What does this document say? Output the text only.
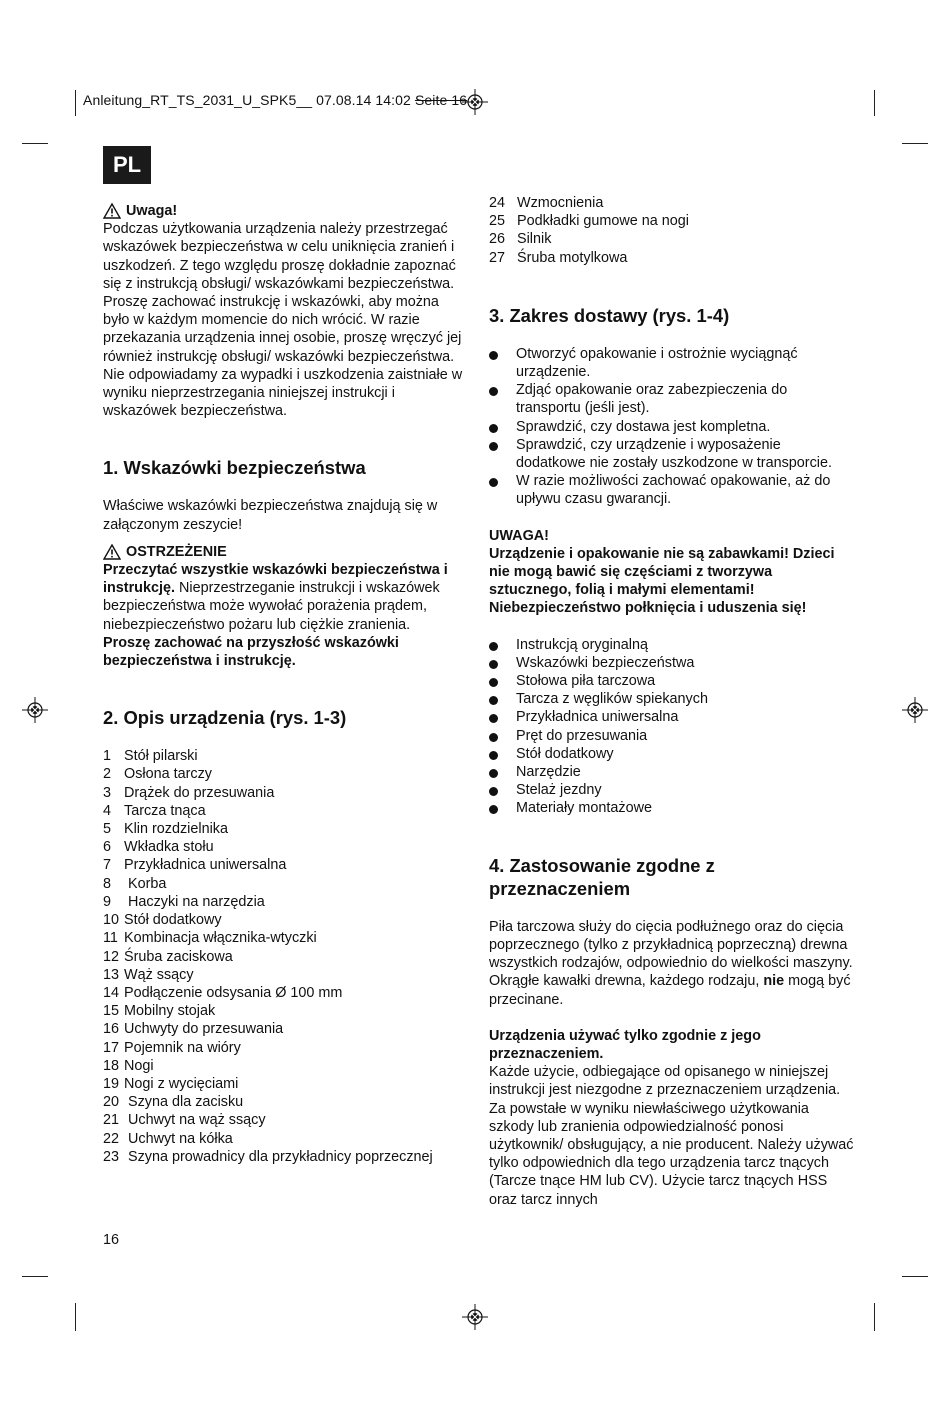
Anleitung_RT_TS_2031_U_SPK5__ 07.08.14 14:02 Seite 16
PL
Uwaga!

Podczas użytkowania urządzenia należy przestrzegać wskazówek bezpieczeństwa w celu uniknięcia zranień i uszkodzeń. Z tego względu proszę dokładnie zapoznać się z instrukcją obsługi/ wskazówkami bezpieczeństwa. Proszę zachować instrukcję i wskazówki, aby można było w każdym momencie do nich wrócić. W razie przekazania urządzenia innej osobie, proszę wręczyć jej również instrukcję obsługi/ wskazówki bezpieczeństwa. Nie odpowiadamy za wypadki i uszkodzenia zaistniałe w wyniku nieprzestrzegania niniejszej instrukcji i wskazówek bezpieczeństwa.

1. Wskazówki bezpieczeństwa

Właściwe wskazówki bezpieczeństwa znajdują się w załączonym zeszycie!

OSTRZEŻENIE

Przeczytać wszystkie wskazówki bezpieczeństwa i instrukcję. Nieprzestrzeganie instrukcji i wskazówek bezpieczeństwa może wywołać porażenia prądem, niebezpieczeństwo pożaru lub ciężkie zranienia.

Proszę zachować na przyszłość wskazówki bezpieczeństwa i instrukcję.

2. Opis urządzenia (rys. 1-3)
1 Stół pilarski
2 Osłona tarczy
3 Drążek do przesuwania
4 Tarcza tnąca
5 Klin rozdzielnika
6 Wkładka stołu
7 Przykładnica uniwersalna
8 Korba
9 Haczyki na narzędzia
10 Stół dodatkowy
11 Kombinacja włącznika-wtyczki
12 Śruba zaciskowa
13 Wąż ssący
14 Podłączenie odsysania Ø 100 mm
15 Mobilny stojak
16 Uchwyty do przesuwania
17 Pojemnik na wióry
18 Nogi
19 Nogi z wycięciami
20 Szyna dla zacisku
21 Uchwyt na wąż ssący
22 Uchwyt na kółka
23 Szyna prowadnicy dla przykładnicy poprzecznej
16
24 Wzmocnienia
25 Podkładki gumowe na nogi
26 Silnik
27 Śruba motylkowa
3. Zakres dostawy (rys. 1-4)
Otworzyć opakowanie i ostrożnie wyciągnąć urządzenie.
Zdjąć opakowanie oraz zabezpieczenia do transportu (jeśli jest).
Sprawdzić, czy dostawa jest kompletna.
Sprawdzić, czy urządzenie i wyposażenie dodatkowe nie zostały uszkodzone w transporcie.
W razie możliwości zachować opakowanie, aż do upływu czasu gwarancji.

UWAGA!

Urządzenie i opakowanie nie są zabawkami! Dzieci nie mogą bawić się częściami z tworzywa sztucznego, folią i małymi elementami! Niebezpieczeństwo połknięcia i uduszenia się!

Instrukcją oryginalną
Wskazówki bezpieczeństwa
Stołowa piła tarczowa
Tarcza z węglików spiekanych
Przykładnica uniwersalna
Pręt do przesuwania
Stół dodatkowy
Narzędzie
Stelaż jezdny
Materiały montażowe
4. Zastosowanie zgodne z przeznaczeniem

Piła tarczowa służy do cięcia podłużnego oraz do cięcia poprzecznego (tylko z przykładnicą poprzeczną) drewna wszystkich rodzajów, odpowiednio do wielkości maszyny. Okrągłe kawałki drewna, każdego rodzaju, nie mogą być przecinane.

Urządzenia używać tylko zgodnie z jego przeznaczeniem.

Każde użycie, odbiegające od opisanego w niniejszej instrukcji jest niezgodne z przeznaczeniem urządzenia. Za powstałe w wyniku niewłaściwego użytkowania szkody lub zranienia odpowiedzialność ponosi użytkownik/ obsługujący, a nie producent. Należy używać tylko odpowiednich dla tego urządzenia tarcz tnących (Tarcze tnące HM lub CV). Użycie tarcz tnących HSS oraz tarcz innych
